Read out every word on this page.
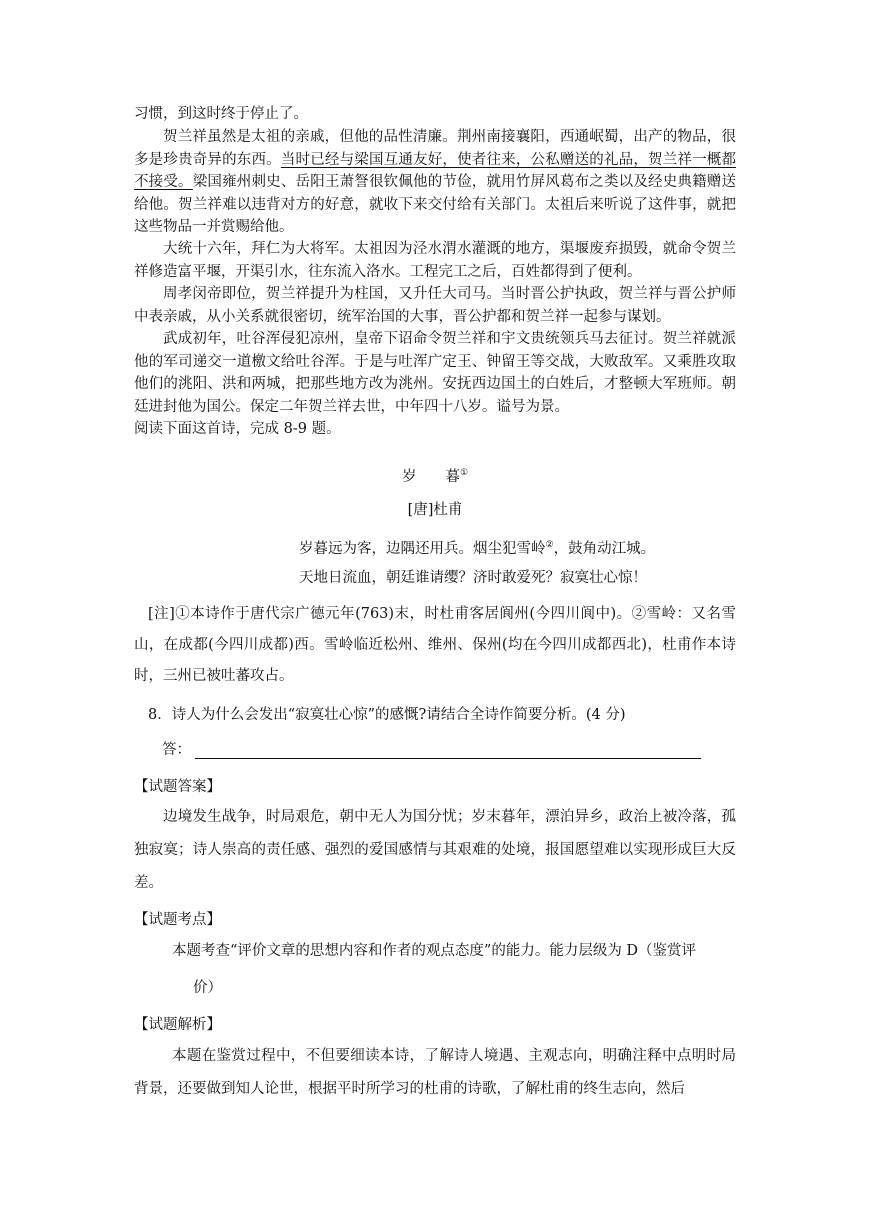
习惯，到这时终于停止了。

贺兰祥虽然是太祖的亲戚，但他的品性清廉。荆州南接襄阳，西通岷蜀，出产的物品，很多是珍贵奇异的东西。当时已经与梁国互通友好，使者往来，公私赠送的礼品，贺兰祥一概都不接受。梁国雍州刺史、岳阳王萧詧很钦佩他的节俭，就用竹屏风葛布之类以及经史典籍赠送给他。贺兰祥难以违背对方的好意，就收下来交付给有关部门。太祖后来听说了这件事，就把这些物品一并赏赐给他。

大统十六年，拜仁为大将军。太祖因为泾水渭水灌溉的地方，渠堰废弃损毁，就命令贺兰祥修造富平堰，开渠引水，往东流入洛水。工程完工之后，百姓都得到了便利。

周孝闵帝即位，贺兰祥提升为柱国，又升任大司马。当时晋公护执政，贺兰祥与晋公护师中表亲戚，从小关系就很密切，统军治国的大事，晋公护都和贺兰祥一起参与谋划。

武成初年，吐谷浑侵犯凉州，皇帝下诏命令贺兰祥和宇文贵统领兵马去征讨。贺兰祥就派他的军司递交一道檄文给吐谷浑。于是与吐浑广定王、钟留王等交战，大败敌军。又乘胜攻取他们的洮阳、洪和两城，把那些地方改为洮州。安抚西边国土的白姓后，才整顿大军班师。朝廷进封他为国公。保定二年贺兰祥去世，中年四十八岁。谥号为景。

阅读下面这首诗，完成 8-9 题。

岁　　暮①

[唐]杜甫

岁暮远为客，边隅还用兵。烟尘犯雪岭②，鼓角动江城。

天地日流血，朝廷谁请缨？济时敢爱死？寂寞壮心惊！

[注]①本诗作于唐代宗广德元年(763)末，时杜甫客居阆州(今四川阆中)。②雪岭：又名雪山，在成都(今四川成都)西。雪岭临近松州、维州、保州(均在今四川成都西北)，杜甫作本诗时，三州已被吐蕃攻占。

8．诗人为什么会发出“寂寞壮心惊”的感慨?请结合全诗作简要分析。(4 分)

答：

【试题答案】

边境发生战争，时局艰危，朝中无人为国分忧；岁末暮年，漂泊异乡，政治上被冷落，孤独寂寞；诗人崇高的责任感、强烈的爱国感情与其艰难的处境，报国愿望难以实现形成巨大反差。

【试题考点】

本题考查“评价文章的思想内容和作者的观点态度”的能力。能力层级为 D（鉴赏评

价）

【试题解析】

本题在鉴赏过程中，不但要细读本诗，了解诗人境遇、主观志向，明确注释中点明时局背景，还要做到知人论世，根据平时所学习的杜甫的诗歌，了解杜甫的终生志向，然后
